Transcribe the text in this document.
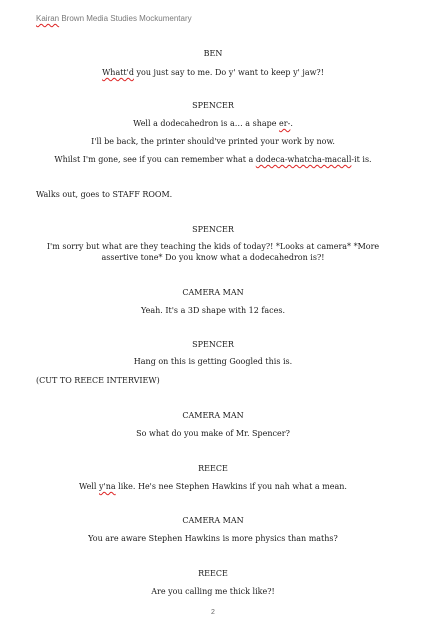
Kairan Brown Media Studies Mockumentary
BEN
Whatt'd you just say to me. Do y' want to keep y' jaw?!
SPENCER
Well a dodecahedron is a… a shape er-.
I'll be back, the printer should've printed your work by now.
Whilst I'm gone, see if you can remember what a dodeca-whatcha-macall-it is.
Walks out, goes to STAFF ROOM.
SPENCER
I'm sorry but what are they teaching the kids of today?! *Looks at camera* *More assertive tone* Do you know what a dodecahedron is?!
CAMERA MAN
Yeah. It's a 3D shape with 12 faces.
SPENCER
Hang on this is getting Googled this is.
(CUT TO REECE INTERVIEW)
CAMERA MAN
So what do you make of Mr. Spencer?
REECE
Well y'na like. He's nee Stephen Hawkins if you nah what a mean.
CAMERA MAN
You are aware Stephen Hawkins is more physics than maths?
REECE
Are you calling me thick like?!
2
